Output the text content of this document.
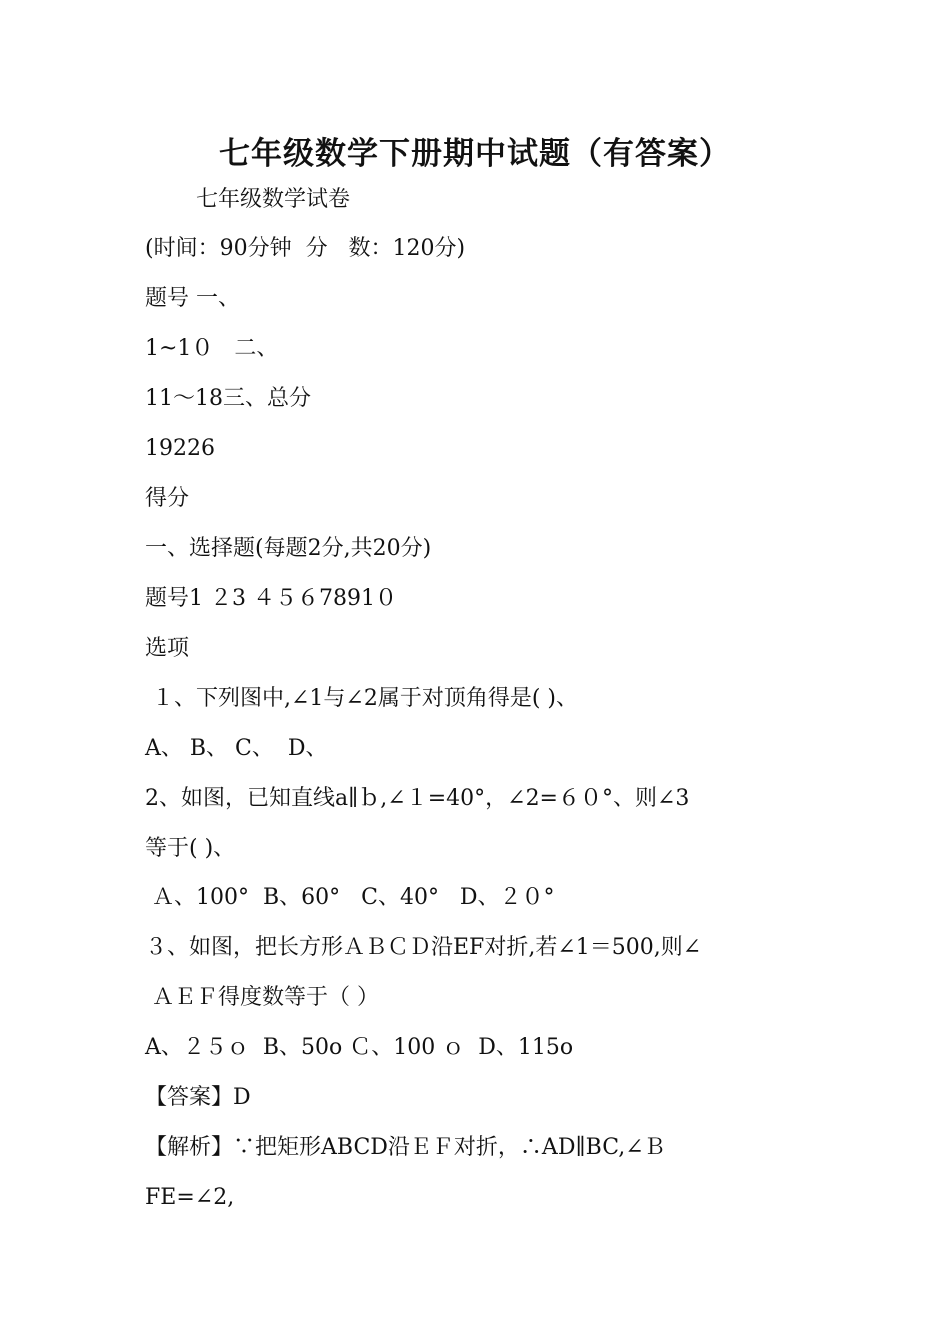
七年级数学下册期中试题（有答案）
七年级数学试卷
(时间：90分钟  分   数：120分)
题号 一、
1~1０   二、
11～18三、总分
19226
得分
一、选择题(每题2分,共20分)
题号1 ２3 ４５６7891０
选项
１、下列图中,∠1与∠2属于对顶角得是( )、
A、 B、 C、  D、
2、如图，已知直线a∥ｂ,∠１=40°，∠2=６０°、则∠3
等于( )、
Ａ、100°  B、60°   C、40°   D、２０°
３、如图，把长方形ＡＢＣＤ沿EF对折,若∠1＝500,则∠
ＡＥＦ得度数等于（ ）
A、２５ｏ  B、50o Ｃ、100 ｏ  D、115o
【答案】D
【解析】∵把矩形ABCD沿ＥＦ对折，∴AD∥BC,∠Ｂ
FE=∠2,
